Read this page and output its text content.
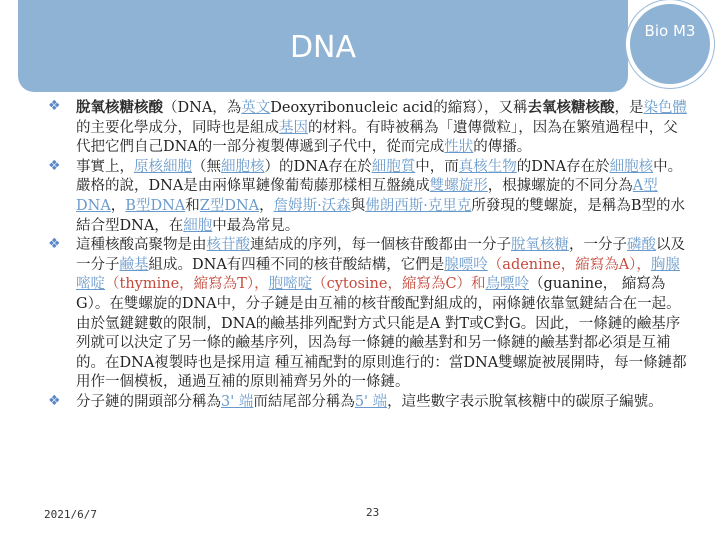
DNA	Bio M3

❖ 脫氧核糖核酸（DNA，為英文Deoxyribonucleic acid的縮寫），又稱去氧核糖核酸，是染色體的主要化學成分，同時也是組成基因的材料。有時被稱為「遺傳微粒」，因為在繁殖過程中，父代把它們自己DNA的一部分複製傳遞到子代中，從而完成性狀的傳播。

❖ 事實上，原核細胞（無細胞核）的DNA存在於細胞質中，而真核生物的DNA存在於細胞核中。嚴格的說，DNA是由兩條單鏈像葡萄藤那樣相互盤繞成雙螺旋形，根據螺旋的不同分為A型DNA，B型DNA和Z型DNA，詹姆斯·沃森與佛朗西斯·克里克所發現的雙螺旋，是稱為B型的水結合型DNA，在細胞中最為常見。

❖ 這種核酸高聚物是由核苷酸連結成的序列，每一個核苷酸都由一分子脫氧核糖，一分子磷酸以及一分子鹼基組成。DNA有四種不同的核苷酸結構，它們是腺嘌呤（adenine，縮寫為A），胸腺嘧啶（thymine，縮寫為T），胞嘧啶（cytosine，縮寫為C）和鳥嘌呤（guanine， 縮寫為G）。在雙螺旋的DNA中，分子鏈是由互補的核苷酸配對組成的，兩條鏈依靠氫鍵結合在一起。由於氫鍵鍵數的限制，DNA的鹼基排列配對方式只能是A 對T或C對G。因此，一條鏈的鹼基序列就可以決定了另一條的鹼基序列，因為每一條鏈的鹼基對和另一條鏈的鹼基對都必須是互補的。在DNA複製時也是採用這 種互補配對的原則進行的：當DNA雙螺旋被展開時，每一條鏈都用作一個模板，通過互補的原則補齊另外的一條鏈。

❖ 分子鏈的開頭部分稱為3' 端而結尾部分稱為5' 端，這些數字表示脫氧核糖中的碳原子編號。

2021/6/7	23
